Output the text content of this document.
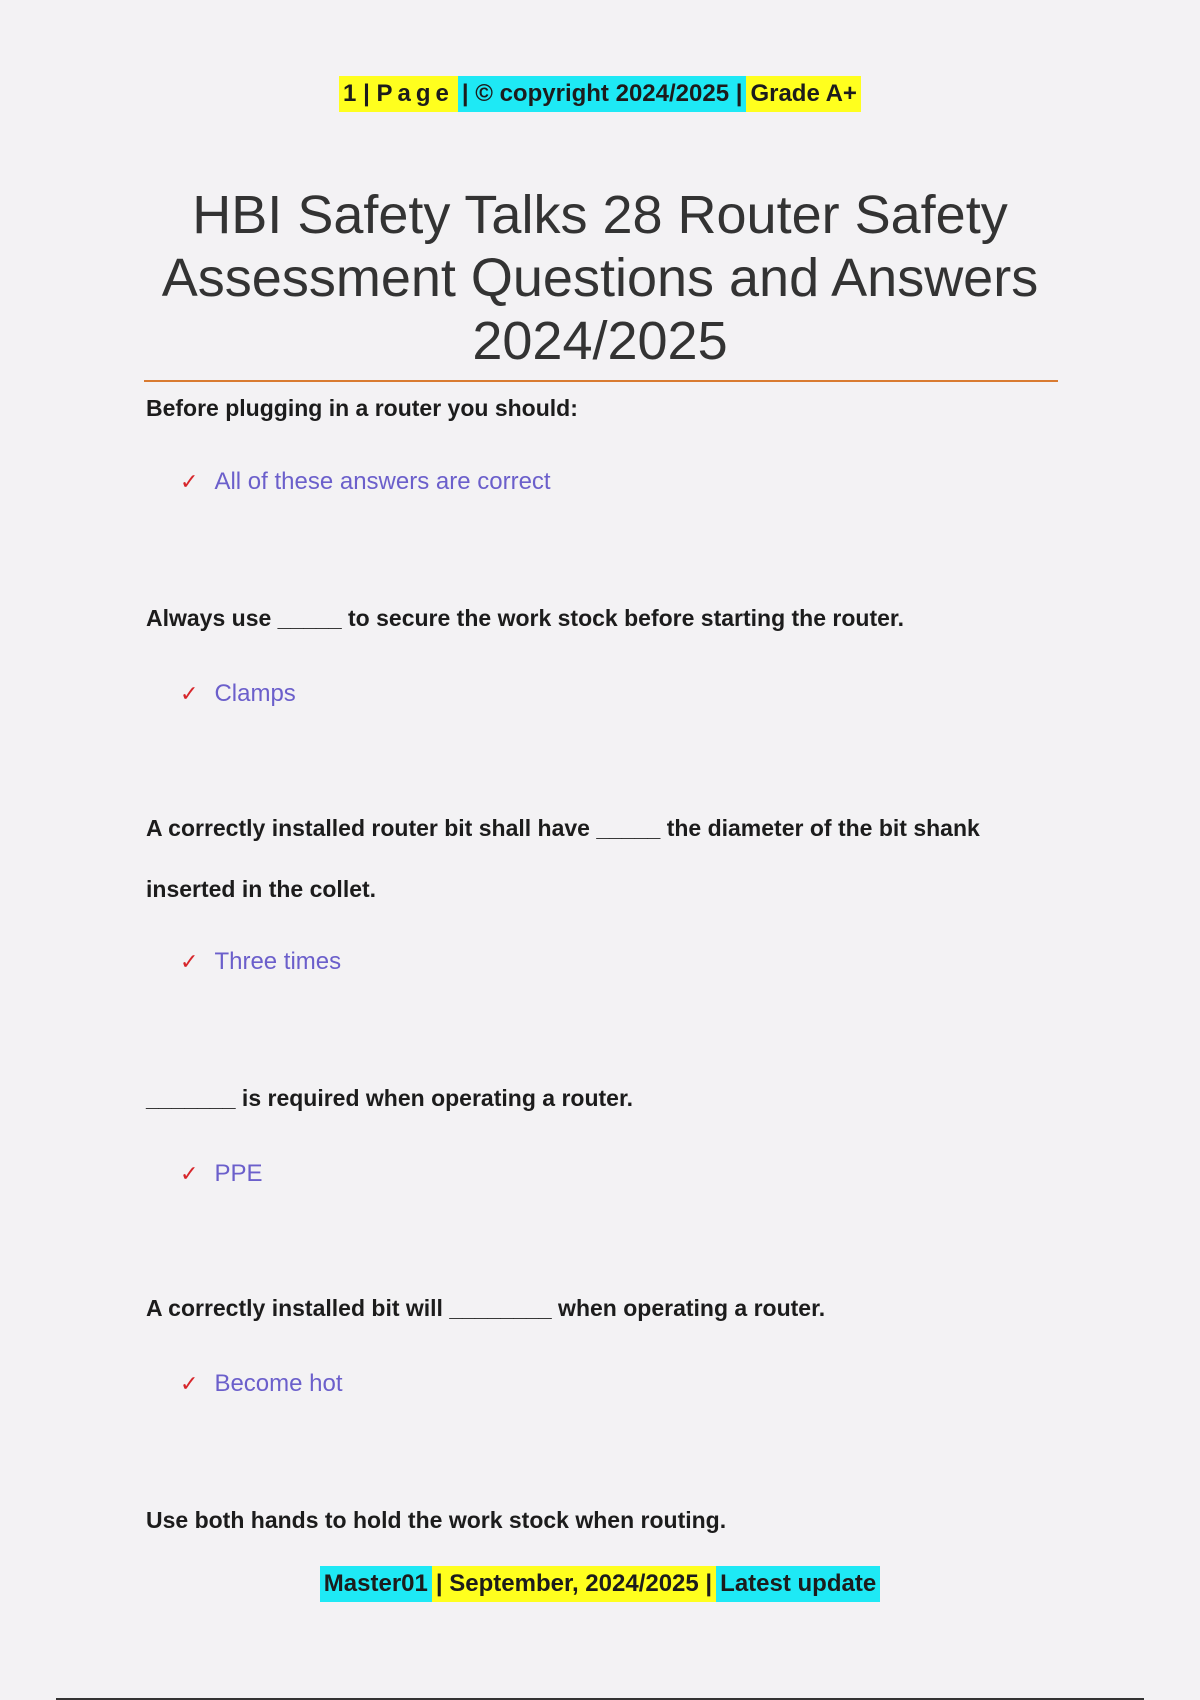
1 | Page| © copyright 2024/2025 |Grade A+
HBI Safety Talks 28 Router Safety
Assessment Questions and Answers
2024/2025
Before plugging in a router you should:
✓ All of these answers are correct
Always use _____ to secure the work stock before starting the router.
✓ Clamps
A correctly installed router bit shall have _____ the diameter of the bit shank
inserted in the collet.
✓ Three times
_______ is required when operating a router.
✓ PPE
A correctly installed bit will ________ when operating a router.
✓ Become hot
Use both hands to hold the work stock when routing.
Master01| September, 2024/2025 |Latest update
